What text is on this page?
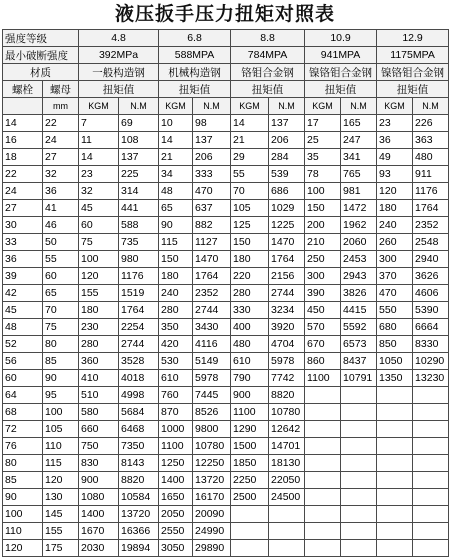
液压扳手压力扭矩对照表
强度等级		4.8		6.8		8.8		10.9		12.9	
最小破断强度		392MPa		588MPA		784MPA		941MPA		1175MPA	
材质		一般构造钢		机械构造钢		铬钼合金钢		镍铬钼合金钢		镍铬钼合金钢	
螺栓	螺母	扭矩值		扭矩值		扭矩值		扭矩值		扭矩值	
	mm	KGM	N.M	KGM	N.M	KGM	N.M	KGM	N.M	KGM	N.M
14	22	7	69	10	98	14	137	17	165	23	226
16	24	11	108	14	137	21	206	25	247	36	363
18	27	14	137	21	206	29	284	35	341	49	480
22	32	23	225	34	333	55	539	78	765	93	911
24	36	32	314	48	470	70	686	100	981	120	1176
27	41	45	441	65	637	105	1029	150	1472	180	1764
30	46	60	588	90	882	125	1225	200	1962	240	2352
33	50	75	735	115	1127	150	1470	210	2060	260	2548
36	55	100	980	150	1470	180	1764	250	2453	300	2940
39	60	120	1176	180	1764	220	2156	300	2943	370	3626
42	65	155	1519	240	2352	280	2744	390	3826	470	4606
45	70	180	1764	280	2744	330	3234	450	4415	550	5390
48	75	230	2254	350	3430	400	3920	570	5592	680	6664
52	80	280	2744	420	4116	480	4704	670	6573	850	8330
56	85	360	3528	530	5149	610	5978	860	8437	1050	10290
60	90	410	4018	610	5978	790	7742	1100	10791	1350	13230
64	95	510	4998	760	7445	900	8820				
68	100	580	5684	870	8526	1100	10780				
72	105	660	6468	1000	9800	1290	12642				
76	110	750	7350	1100	10780	1500	14701				
80	115	830	8143	1250	12250	1850	18130				
85	120	900	8820	1400	13720	2250	22050				
90	130	1080	10584	1650	16170	2500	24500				
100	145	1400	13720	2050	20090						
110	155	1670	16366	2550	24990						
120	175	2030	19894	3050	29890						
